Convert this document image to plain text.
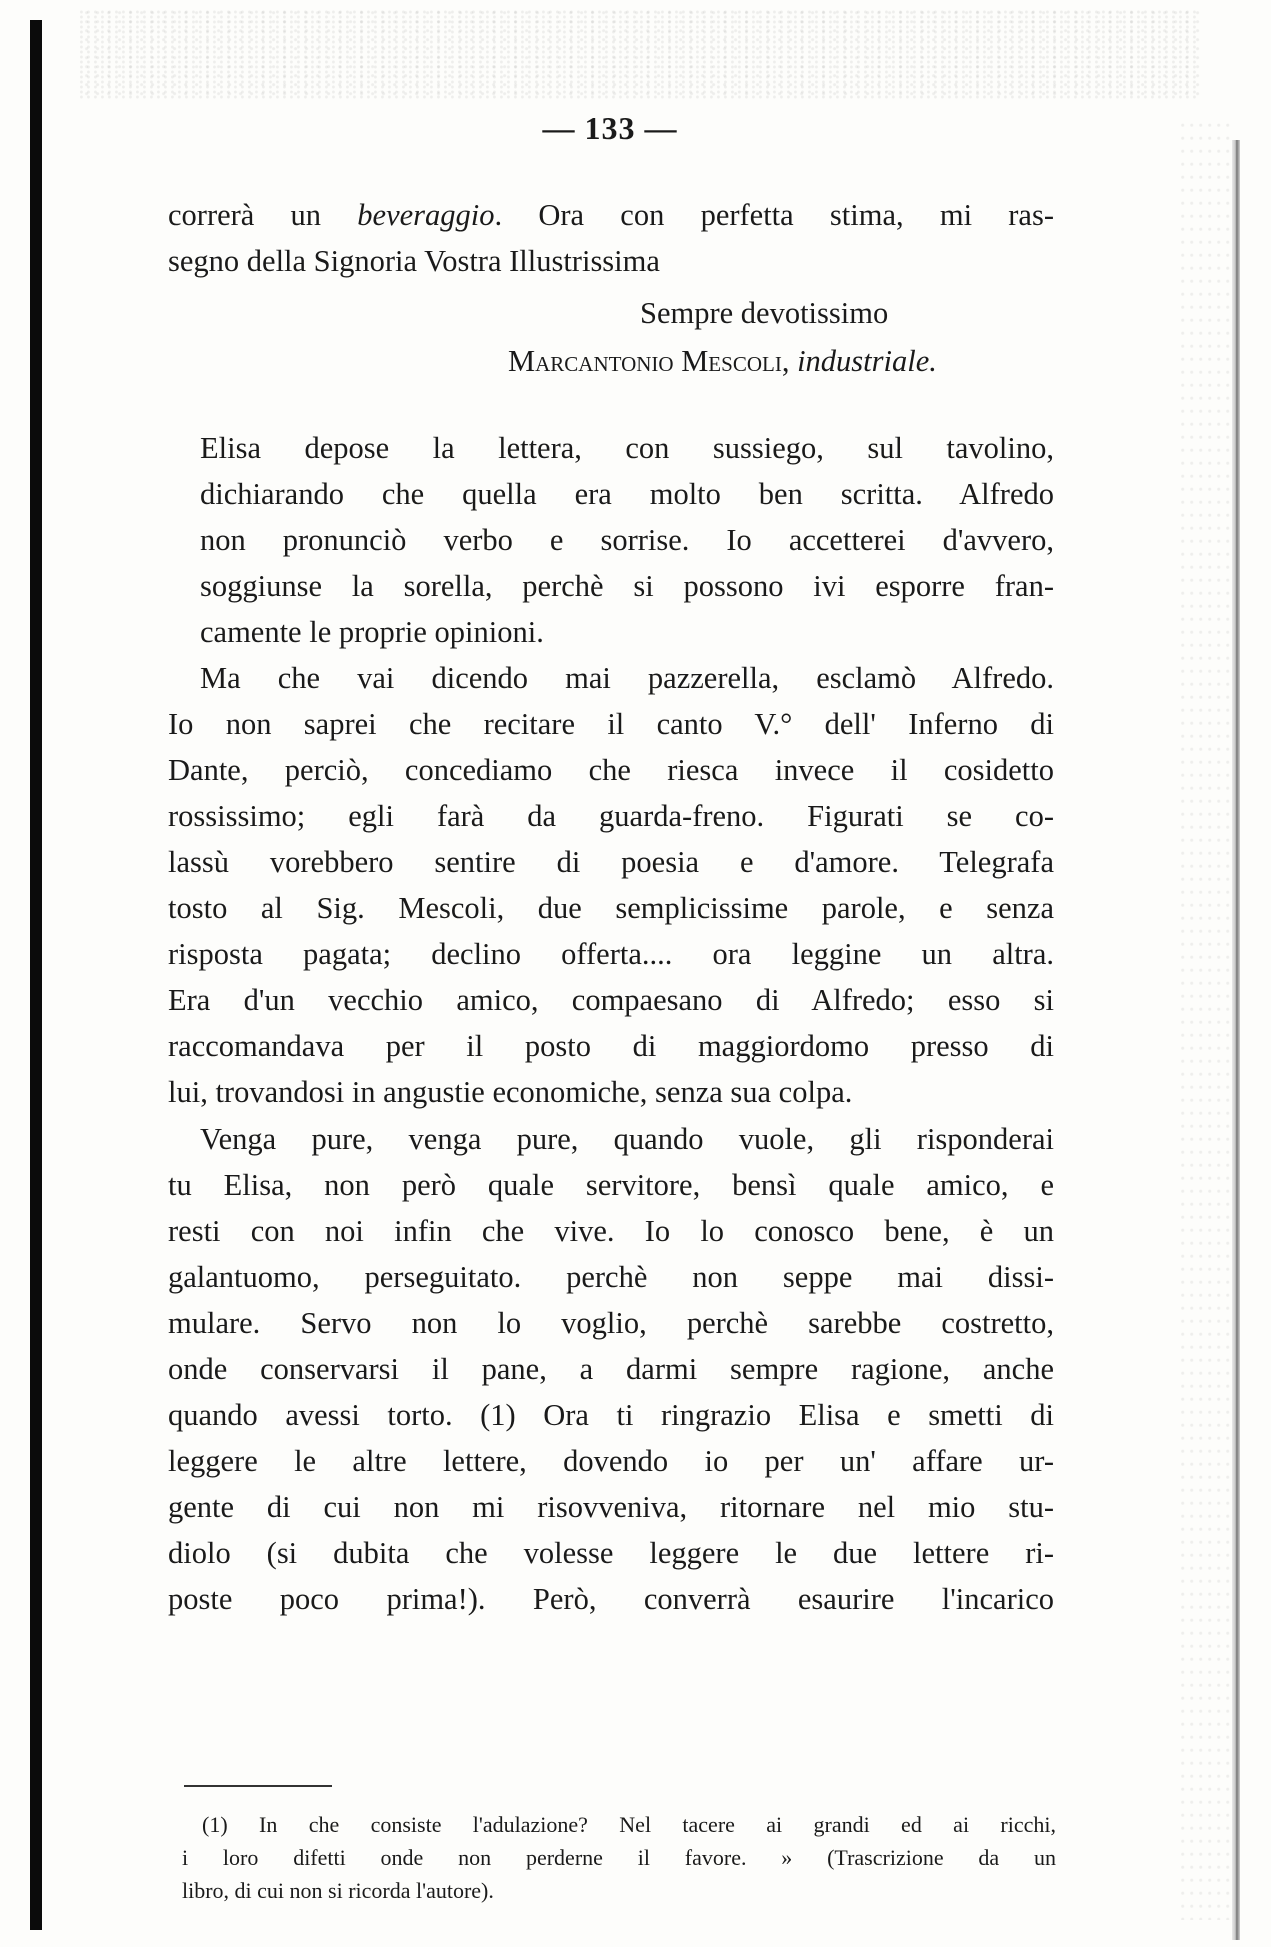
— 133 —
correrà un beveraggio. Ora con perfetta stima, mi ras-
segno della Signoria Vostra Illustrissima
Sempre devotissimo
Marcantonio Mescoli, industriale.
Elisa depose la lettera, con sussiego, sul tavolino,
dichiarando che quella era molto ben scritta. Alfredo
non pronunciò verbo e sorrise. Io accetterei d'avvero,
soggiunse la sorella, perchè si possono ivi esporre fran-
camente le proprie opinioni.
Ma che vai dicendo mai pazzerella, esclamò Alfredo.
Io non saprei che recitare il canto V.° dell' Inferno di
Dante, perciò, concediamo che riesca invece il cosidetto
rossissimo; egli farà da guarda-freno. Figurati se co-
lassù vorebbero sentire di poesia e d'amore. Telegrafa
tosto al Sig. Mescoli, due semplicissime parole, e senza
risposta pagata; declino offerta.... ora leggine un altra.
Era d'un vecchio amico, compaesano di Alfredo; esso si
raccomandava per il posto di maggiordomo presso di
lui, trovandosi in angustie economiche, senza sua colpa.
Venga pure, venga pure, quando vuole, gli risponderai
tu Elisa, non però quale servitore, bensì quale amico, e
resti con noi infin che vive. Io lo conosco bene, è un
galantuomo, perseguitato. perchè non seppe mai dissi-
mulare. Servo non lo voglio, perchè sarebbe costretto,
onde conservarsi il pane, a darmi sempre ragione, anche
quando avessi torto. (1) Ora ti ringrazio Elisa e smetti di
leggere le altre lettere, dovendo io per un' affare ur-
gente di cui non mi risovveniva, ritornare nel mio stu-
diolo (si dubita che volesse leggere le due lettere ri-
poste poco prima!). Però, converrà esaurire l'incarico
(1) In che consiste l'adulazione? Nel tacere ai grandi ed ai ricchi,
i loro difetti onde non perderne il favore. » (Trascrizione da un
libro, di cui non si ricorda l'autore).
